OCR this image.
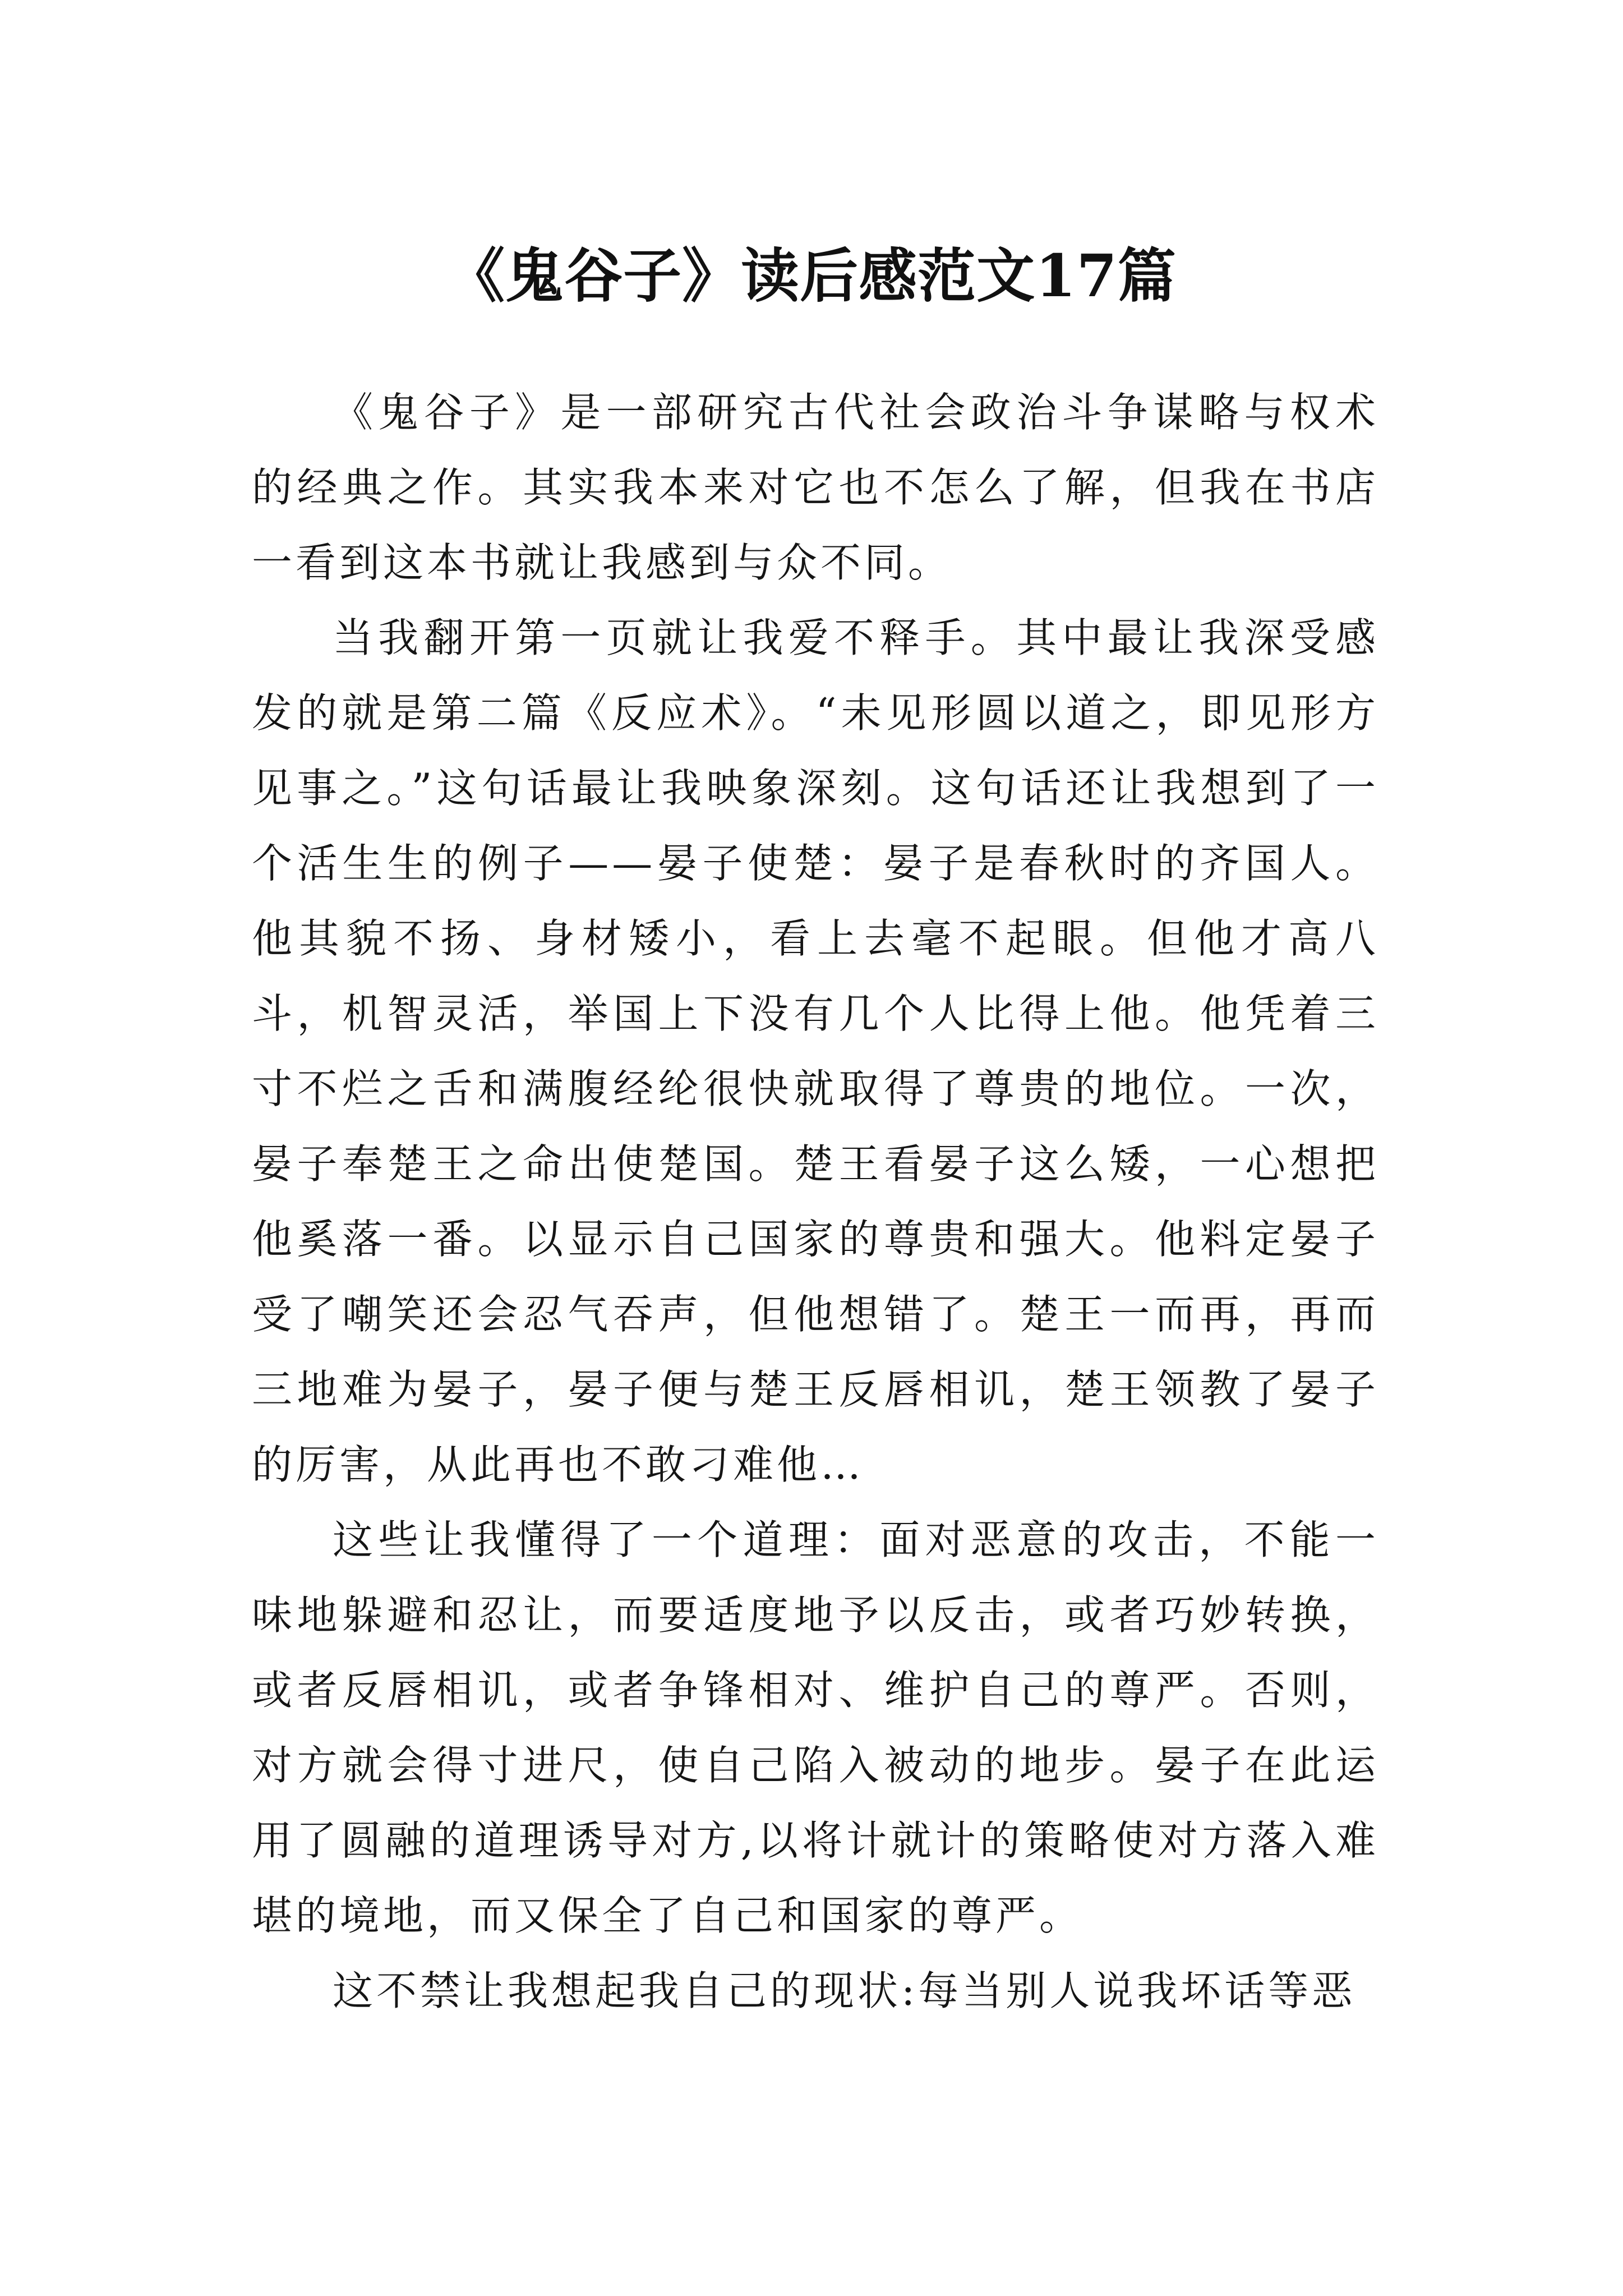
《鬼谷子》读后感范文17篇

《鬼谷子》是一部研究古代社会政治斗争谋略与权术的经典之作。其实我本来对它也不怎么了解，但我在书店一看到这本书就让我感到与众不同。

当我翻开第一页就让我爱不释手。其中最让我深受感发的就是第二篇《反应术》。“未见形圆以道之，即见形方见事之。”这句话最让我映象深刻。这句话还让我想到了一个活生生的例子——晏子使楚：晏子是春秋时的齐国人。他其貌不扬、身材矮小，看上去毫不起眼。但他才高八斗，机智灵活，举国上下没有几个人比得上他。他凭着三寸不烂之舌和满腹经纶很快就取得了尊贵的地位。一次，晏子奉楚王之命出使楚国。楚王看晏子这么矮，一心想把他奚落一番。以显示自己国家的尊贵和强大。他料定晏子受了嘲笑还会忍气吞声，但他想错了。楚王一而再，再而三地难为晏子，晏子便与楚王反唇相讥，楚王领教了晏子的厉害，从此再也不敢刁难他…

这些让我懂得了一个道理：面对恶意的攻击，不能一味地躲避和忍让，而要适度地予以反击，或者巧妙转换，或者反唇相讥，或者争锋相对、维护自己的尊严。否则，对方就会得寸进尺，使自己陷入被动的地步。晏子在此运用了圆融的道理诱导对方,以将计就计的策略使对方落入难堪的境地，而又保全了自己和国家的尊严。

这不禁让我想起我自己的现状:每当别人说我坏话等恶
